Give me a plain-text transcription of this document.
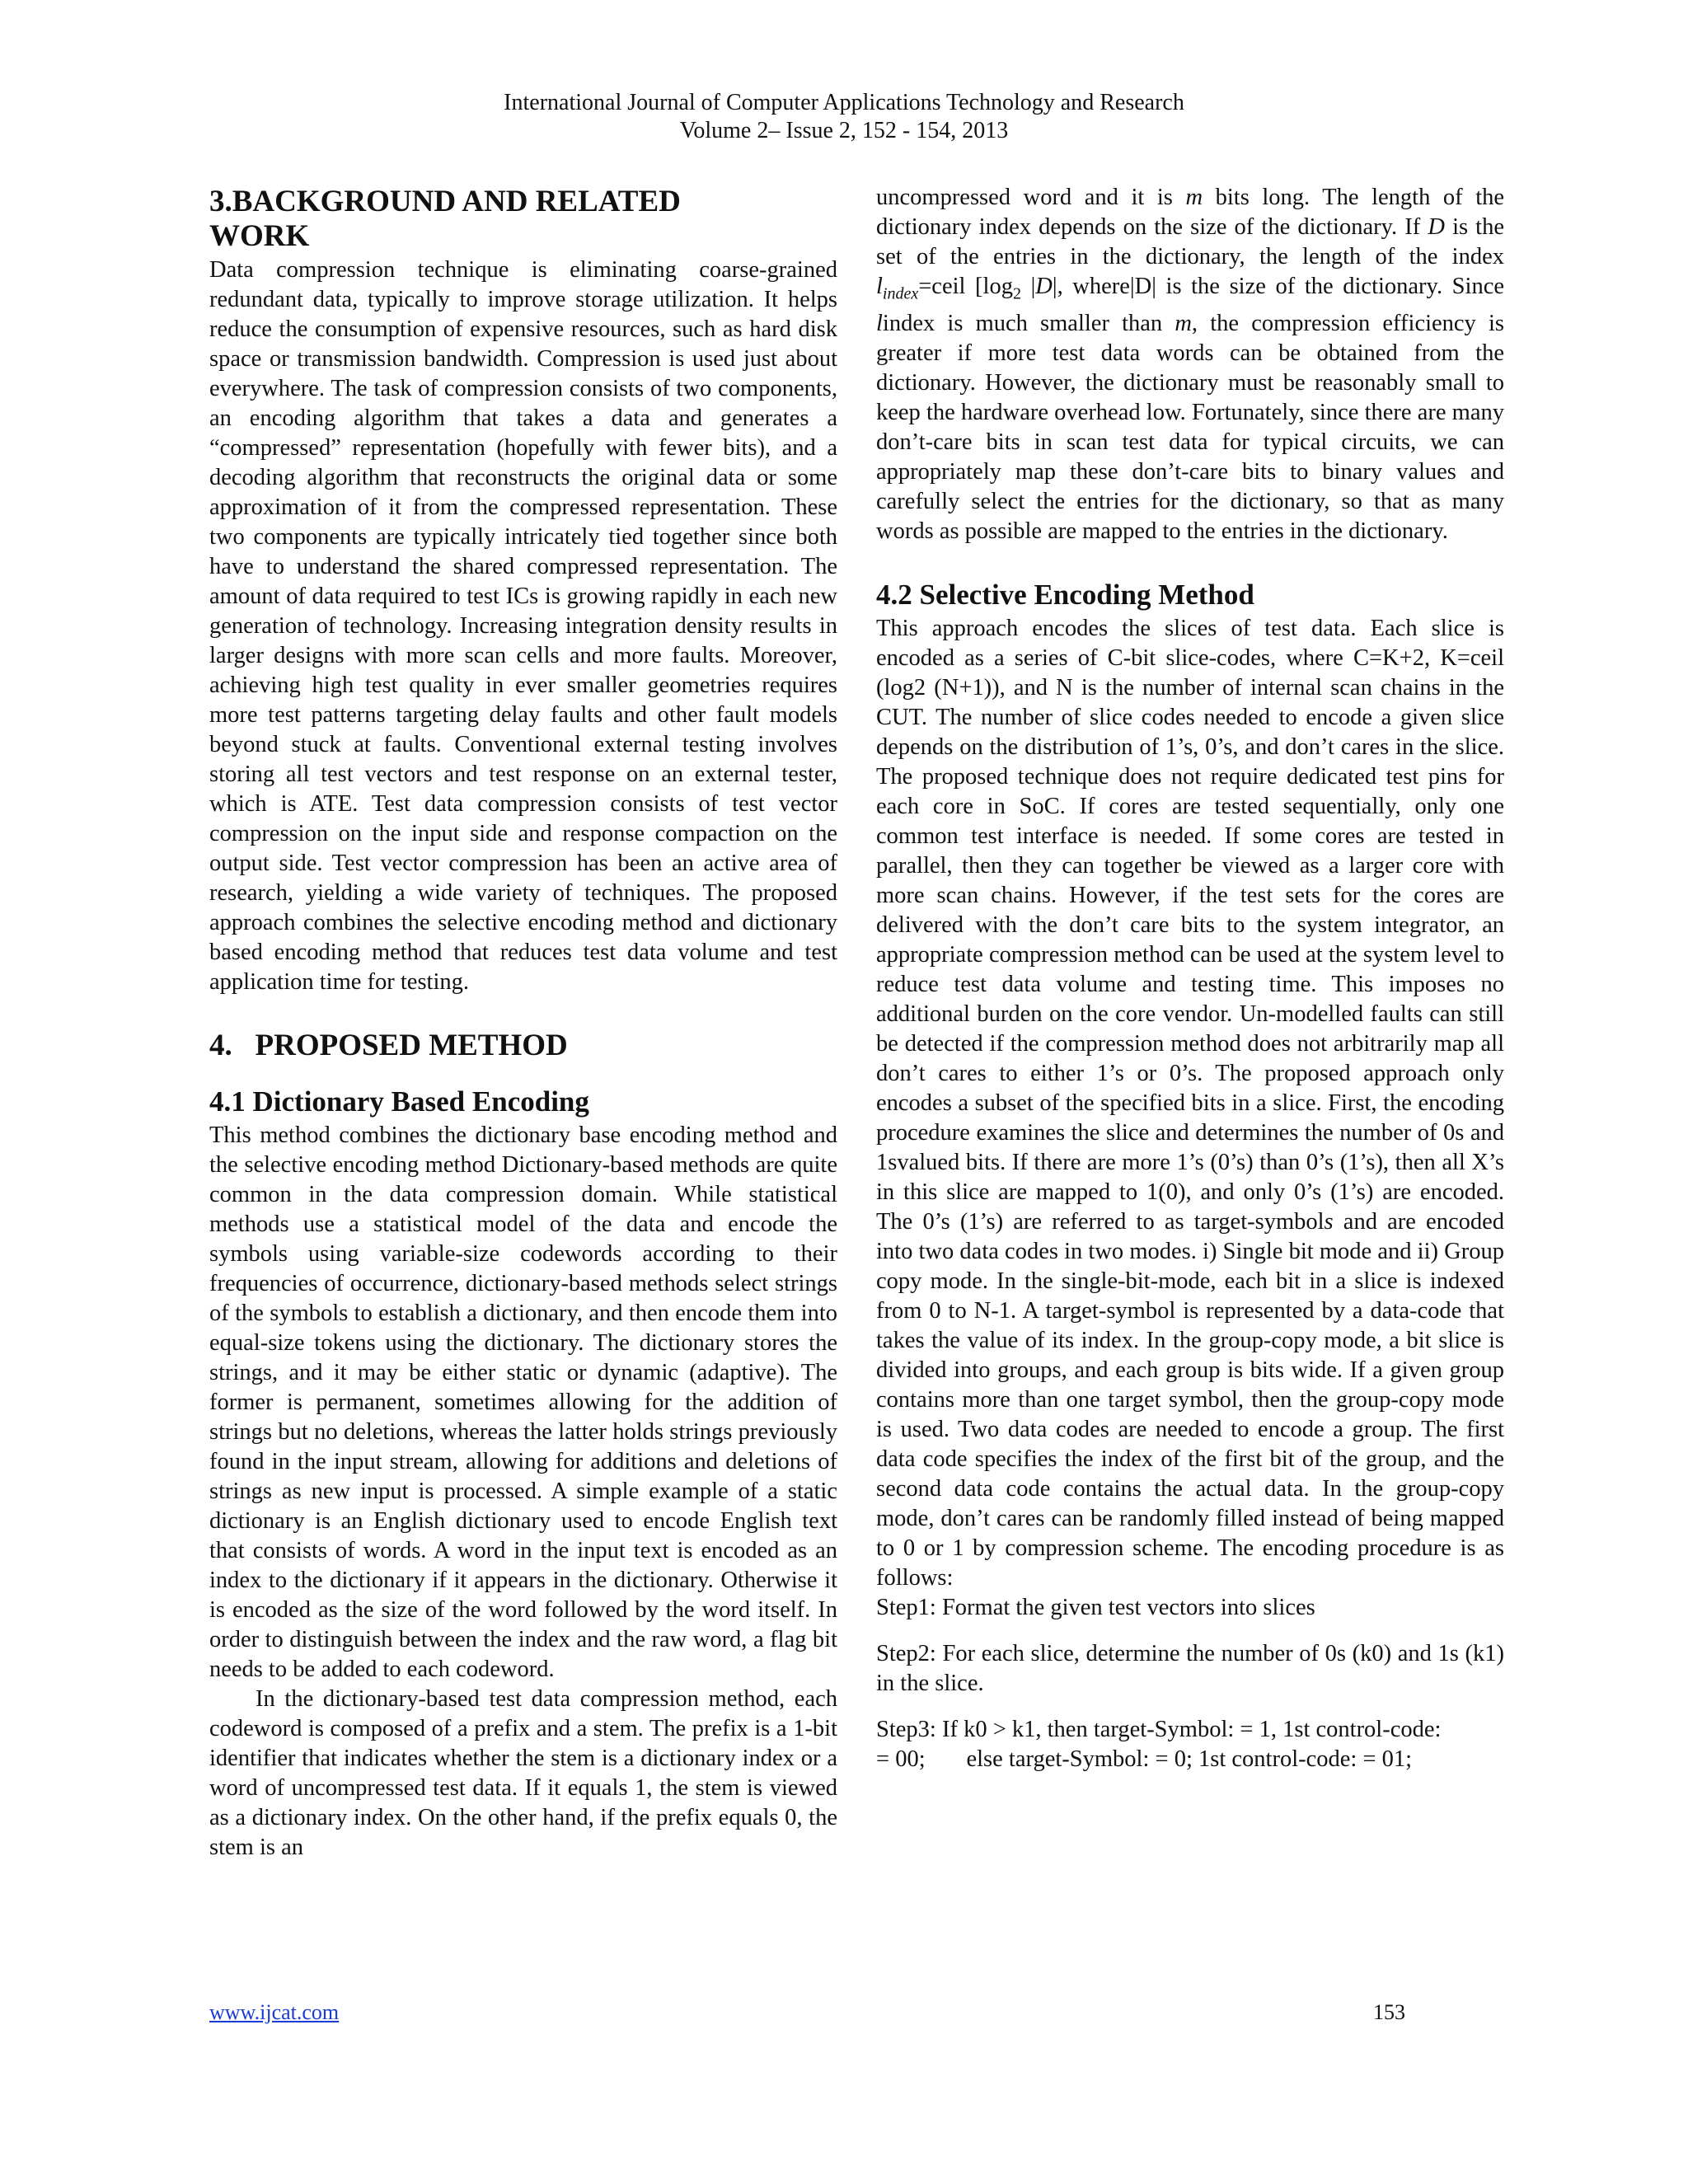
International Journal of Computer Applications Technology and Research
Volume 2– Issue 2, 152 - 154, 2013
3.BACKGROUND AND RELATED
WORK

Data compression technique is eliminating coarse-grained redundant data, typically to improve storage utilization. It helps reduce the consumption of expensive resources, such as hard disk space or transmission bandwidth. Compression is used just about everywhere. The task of compression consists of two components, an encoding algorithm that takes a data and generates a “compressed” representation (hopefully with fewer bits), and a decoding algorithm that reconstructs the original data or some approximation of it from the compressed representation. These two components are typically intricately tied together since both have to understand the shared compressed representation. The amount of data required to test ICs is growing rapidly in each new generation of technology. Increasing integration density results in larger designs with more scan cells and more faults. Moreover, achieving high test quality in ever smaller geometries requires more test patterns targeting delay faults and other fault models beyond stuck at faults. Conventional external testing involves storing all test vectors and test response on an external tester, which is ATE. Test data compression consists of test vector compression on the input side and response compaction on the output side. Test vector compression has been an active area of research, yielding a wide variety of techniques. The proposed approach combines the selective encoding method and dictionary based encoding method that reduces test data volume and test application time for testing.

4.   PROPOSED METHOD
4.1 Dictionary Based Encoding

This method combines the dictionary base encoding method and the selective encoding method Dictionary-based methods are quite common in the data compression domain. While statistical methods use a statistical model of the data and encode the symbols using variable-size codewords according to their frequencies of occurrence, dictionary-based methods select strings of the symbols to establish a dictionary, and then encode them into equal-size tokens using the dictionary. The dictionary stores the strings, and it may be either static or dynamic (adaptive). The former is permanent, sometimes allowing for the addition of strings but no deletions, whereas the latter holds strings previously found in the input stream, allowing for additions and deletions of strings as new input is processed. A simple example of a static dictionary is an English dictionary used to encode English text that consists of words. A word in the input text is encoded as an index to the dictionary if it appears in the dictionary. Otherwise it is encoded as the size of the word followed by the word itself. In order to distinguish between the index and the raw word, a flag bit needs to be added to each codeword.

In the dictionary-based test data compression method, each codeword is composed of a prefix and a stem. The prefix is a 1-bit identifier that indicates whether the stem is a dictionary index or a word of uncompressed test data. If it equals 1, the stem is viewed as a dictionary index. On the other hand, if the prefix equals 0, the stem is an

uncompressed word and it is m bits long. The length of the dictionary index depends on the size of the dictionary. If D is the set of the entries in the dictionary, the length of the index $l_{index}=ceil$ [$\log_2$ |D|, where|D| is the size of the dictionary. Since lindex is much smaller than m, the compression efficiency is greater if more test data words can be obtained from the dictionary. However, the dictionary must be reasonably small to keep the hardware overhead low. Fortunately, since there are many don’t-care bits in scan test data for typical circuits, we can appropriately map these don’t-care bits to binary values and carefully select the entries for the dictionary, so that as many words as possible are mapped to the entries in the dictionary.

4.2 Selective Encoding Method

This approach encodes the slices of test data. Each slice is encoded as a series of C-bit slice-codes, where C=K+2, K=ceil (log2 (N+1)), and N is the number of internal scan chains in the CUT. The number of slice codes needed to encode a given slice depends on the distribution of 1’s, 0’s, and don’t cares in the slice. The proposed technique does not require dedicated test pins for each core in SoC. If cores are tested sequentially, only one common test interface is needed. If some cores are tested in parallel, then they can together be viewed as a larger core with more scan chains. However, if the test sets for the cores are delivered with the don’t care bits to the system integrator, an appropriate compression method can be used at the system level to reduce test data volume and testing time. This imposes no additional burden on the core vendor. Un-modelled faults can still be detected if the compression method does not arbitrarily map all don’t cares to either 1’s or 0’s. The proposed approach only encodes a subset of the specified bits in a slice. First, the encoding procedure examines the slice and determines the number of 0s and 1svalued bits. If there are more 1’s (0’s) than 0’s (1’s), then all X’s in this slice are mapped to 1(0), and only 0’s (1’s) are encoded. The 0’s (1’s) are referred to as target-symbols and are encoded into two data codes in two modes. i) Single bit mode and ii) Group copy mode. In the single-bit-mode, each bit in a slice is indexed from 0 to N-1. A target-symbol is represented by a data-code that takes the value of its index. In the group-copy mode, a bit slice is divided into groups, and each group is bits wide. If a given group contains more than one target symbol, then the group-copy mode is used. Two data codes are needed to encode a group. The first data code specifies the index of the first bit of the group, and the second data code contains the actual data. In the group-copy mode, don’t cares can be randomly filled instead of being mapped to 0 or 1 by compression scheme. The encoding procedure is as follows:

Step1: Format the given test vectors into slices

Step2: For each slice, determine the number of 0s (k0) and 1s (k1) in the slice.

Step3: If k0 > k1, then target-Symbol: = 1, 1st control-code:
= 00;       else target-Symbol: = 0; 1st control-code: = 01;

www.ijcat.com	153
